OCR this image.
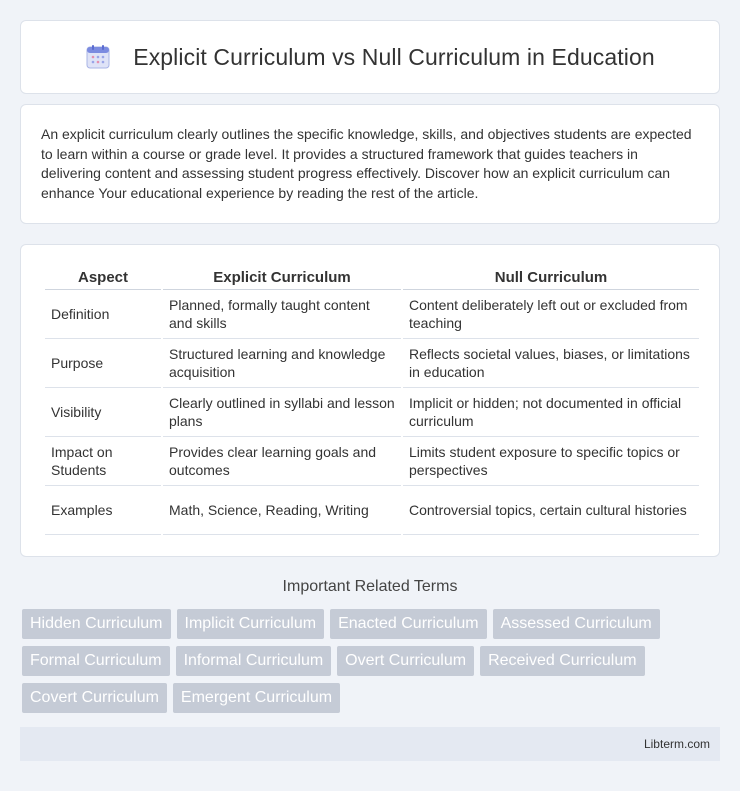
Explicit Curriculum vs Null Curriculum in Education

An explicit curriculum clearly outlines the specific knowledge, skills, and objectives students are expected to learn within a course or grade level. It provides a structured framework that guides teachers in delivering content and assessing student progress effectively. Discover how an explicit curriculum can enhance Your educational experience by reading the rest of the article.

Aspect	Explicit Curriculum	Null Curriculum
Definition	Planned, formally taught content and skills	Content deliberately left out or excluded from teaching
Purpose	Structured learning and knowledge acquisition	Reflects societal values, biases, or limitations in education
Visibility	Clearly outlined in syllabi and lesson plans	Implicit or hidden; not documented in official curriculum
Impact on Students	Provides clear learning goals and outcomes	Limits student exposure to specific topics or perspectives
Examples	Math, Science, Reading, Writing	Controversial topics, certain cultural histories
Important Related Terms
Hidden Curriculum	Implicit Curriculum	Enacted Curriculum	Assessed Curriculum
Formal Curriculum	Informal Curriculum	Overt Curriculum	Received Curriculum
Covert Curriculum	Emergent Curriculum
Libterm.com
